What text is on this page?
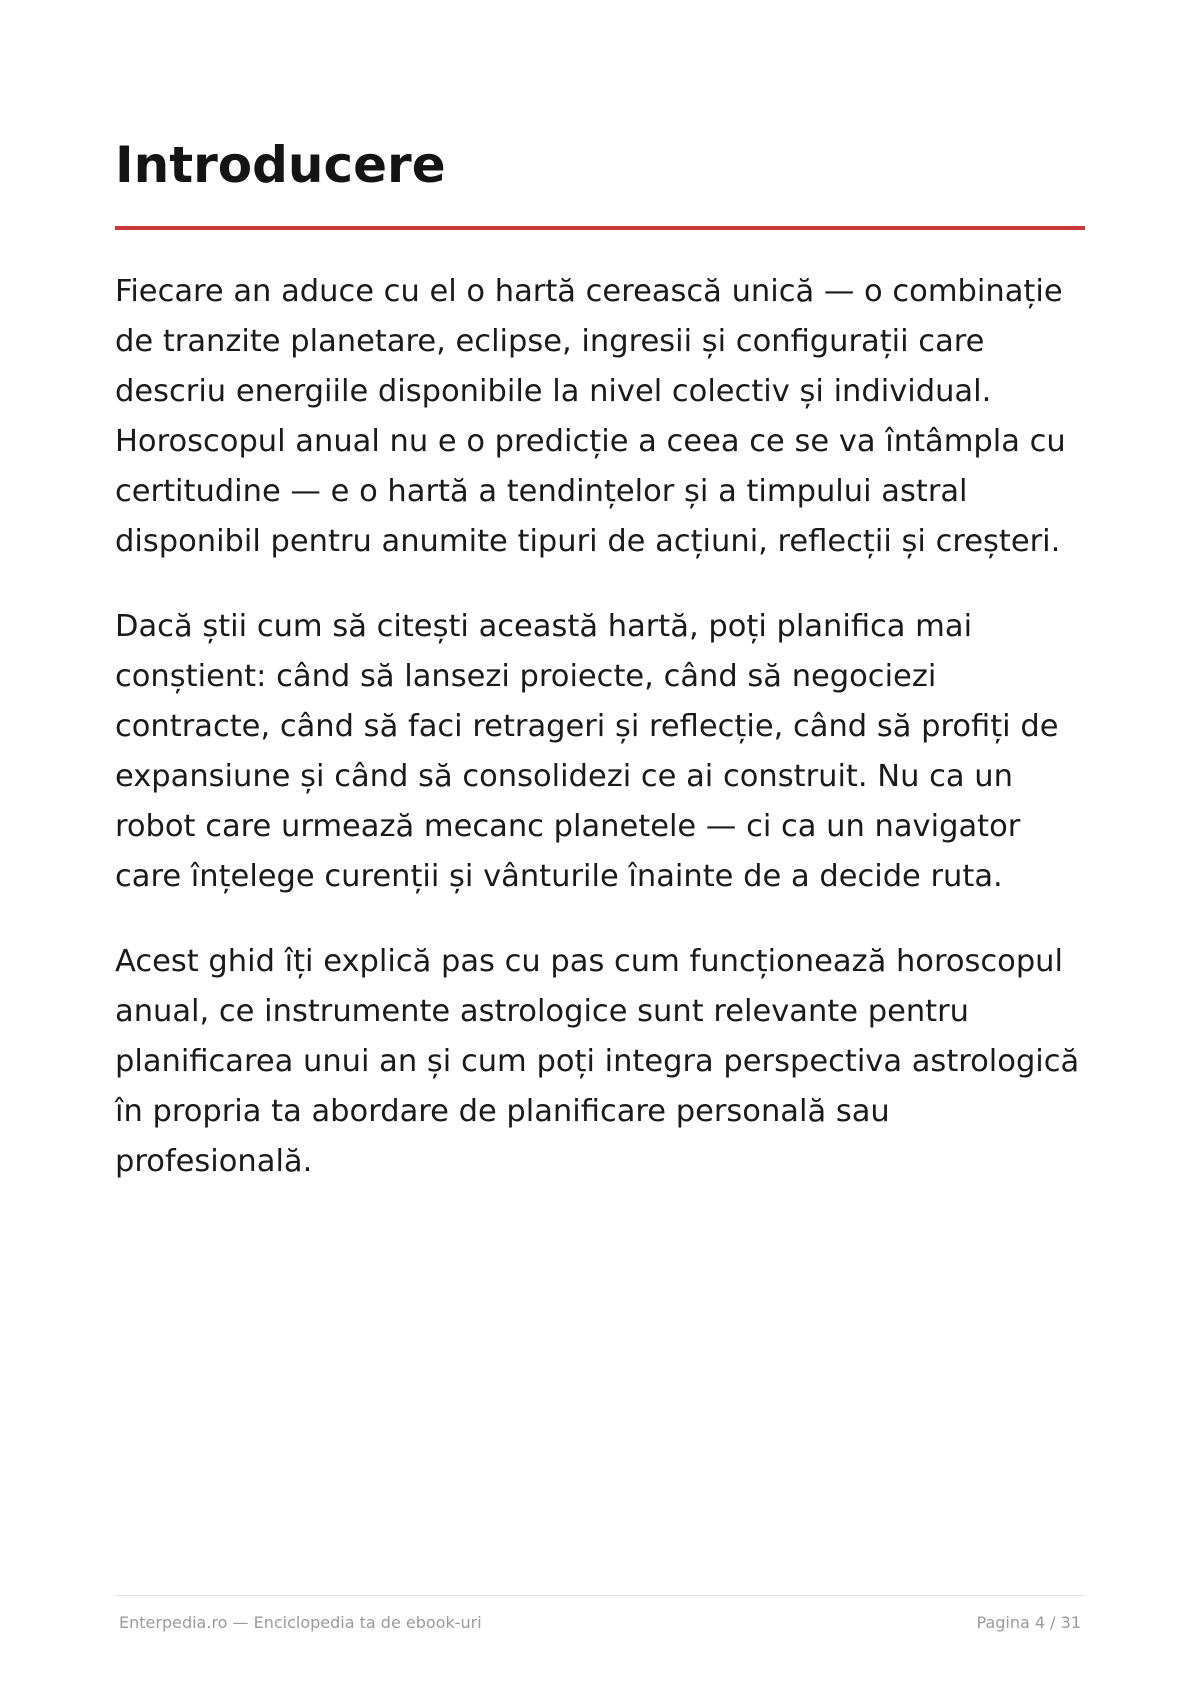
Introducere

Fiecare an aduce cu el o hartă cerească unică — o combinație de tranzite planetare, eclipse, ingresii și configurații care descriu energiile disponibile la nivel colectiv și individual. Horoscopul anual nu e o predicție a ceea ce se va întâmpla cu certitudine — e o hartă a tendințelor și a timpului astral disponibil pentru anumite tipuri de acțiuni, reflecții și creșteri.

Dacă știi cum să citești această hartă, poți planifica mai conștient: când să lansezi proiecte, când să negociezi contracte, când să faci retrageri și reflecție, când să profiți de expansiune și când să consolidezi ce ai construit. Nu ca un robot care urmează mecanc planetele — ci ca un navigator care înțelege curenții și vânturile înainte de a decide ruta.

Acest ghid îți explică pas cu pas cum funcționează horoscopul anual, ce instrumente astrologice sunt relevante pentru planificarea unui an și cum poți integra perspectiva astrologică în propria ta abordare de planificare personală sau profesională.

Enterpedia.ro — Enciclopedia ta de ebook-uri	Pagina 4 / 31
